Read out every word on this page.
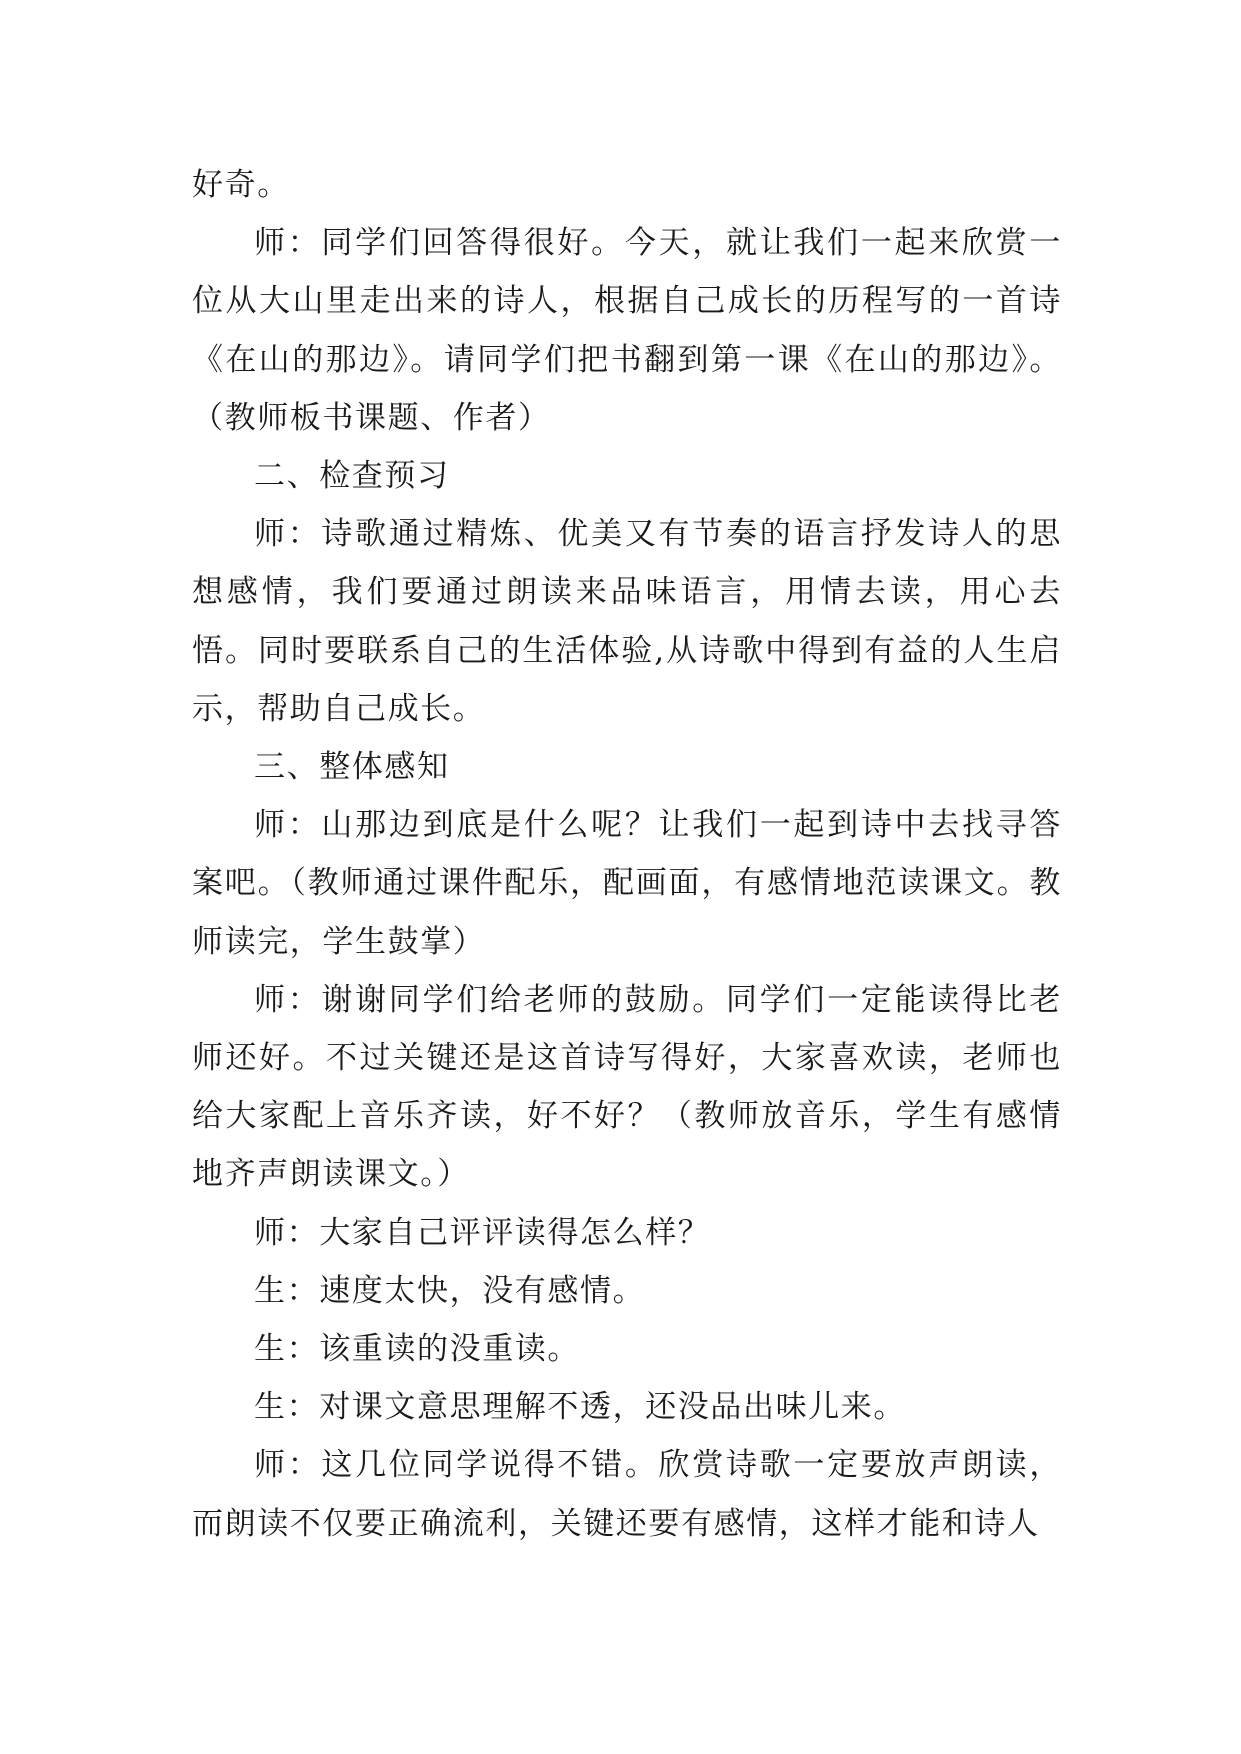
好奇。

师：同学们回答得很好。今天，就让我们一起来欣赏一位从大山里走出来的诗人，根据自己成长的历程写的一首诗《在山的那边》。请同学们把书翻到第一课《在山的那边》。（教师板书课题、作者）

二、检查预习

师：诗歌通过精炼、优美又有节奏的语言抒发诗人的思想感情，我们要通过朗读来品味语言，用情去读，用心去悟。同时要联系自己的生活体验,从诗歌中得到有益的人生启示，帮助自己成长。

三、整体感知

师：山那边到底是什么呢？让我们一起到诗中去找寻答案吧。（教师通过课件配乐，配画面，有感情地范读课文。教师读完，学生鼓掌）

师：谢谢同学们给老师的鼓励。同学们一定能读得比老师还好。不过关键还是这首诗写得好，大家喜欢读，老师也给大家配上音乐齐读，好不好？（教师放音乐，学生有感情地齐声朗读课文。）

师：大家自己评评读得怎么样？

生：速度太快，没有感情。

生：该重读的没重读。

生：对课文意思理解不透，还没品出味儿来。

师：这几位同学说得不错。欣赏诗歌一定要放声朗读，而朗读不仅要正确流利，关键还要有感情，这样才能和诗人
